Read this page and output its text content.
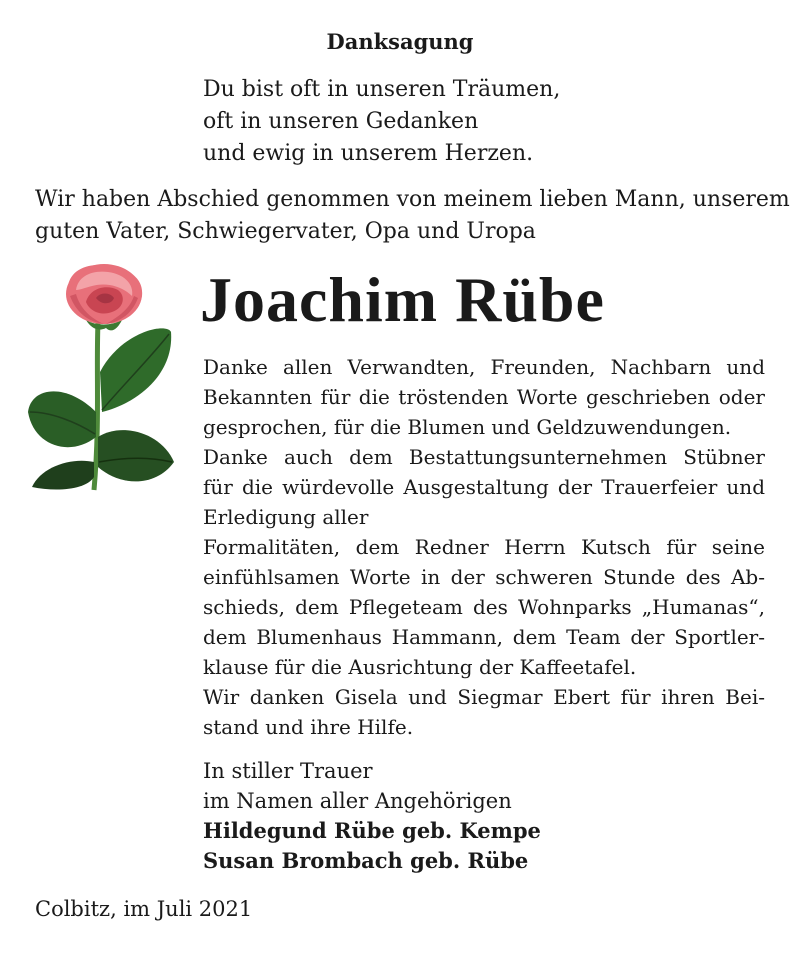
Danksagung
Du bist oft in unseren Träumen,
oft in unseren Gedanken
und ewig in unserem Herzen.
Wir haben Abschied genommen von meinem lieben Mann, unserem
guten Vater, Schwiegervater, Opa und Uropa
Joachim Rübe
Danke allen Verwandten, Freunden, Nachbarn und
Bekannten für die tröstenden Worte geschrieben oder
gesprochen, für die Blumen und Geldzuwendungen.
Danke auch dem Bestattungsunternehmen Stübner
für die würdevolle Ausgestaltung der Trauerfeier und
Erledigung aller
Formalitäten, dem Redner Herrn Kutsch für seine
einfühlsamen Worte in der schweren Stunde des Ab-
schieds, dem Pflegeteam des Wohnparks „Humanas“,
dem Blumenhaus Hammann, dem Team der Sportler-
klause für die Ausrichtung der Kaffeetafel.
Wir danken Gisela und Siegmar Ebert für ihren Bei-
stand und ihre Hilfe.
In stiller Trauer
im Namen aller Angehörigen
Hildegund Rübe geb. Kempe
Susan Brombach geb. Rübe
Colbitz, im Juli 2021
